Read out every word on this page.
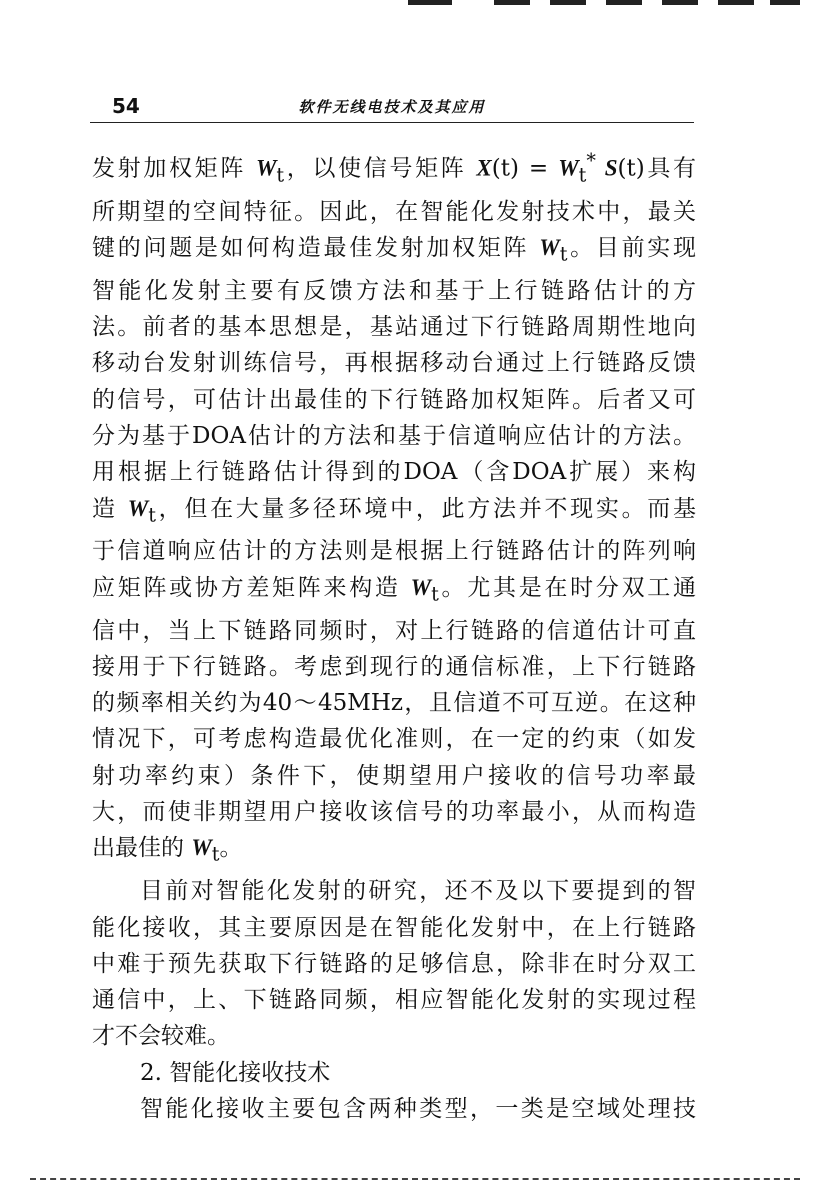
54	软件无线电技术及其应用
发射加权矩阵 $W_t$，以使信号矩阵 $X(t) = W_t^*$ S(t)具有
所期望的空间特征。因此，在智能化发射技术中，最关
键的问题是如何构造最佳发射加权矩阵 $W_t$。目前实现
智能化发射主要有反馈方法和基于上行链路估计的方
法。前者的基本思想是，基站通过下行链路周期性地向
移动台发射训练信号，再根据移动台通过上行链路反馈
的信号，可估计出最佳的下行链路加权矩阵。后者又可
分为基于DOA估计的方法和基于信道响应估计的方法。
用根据上行链路估计得到的DOA（含DOA扩展）来构
造 $W_t$，但在大量多径环境中，此方法并不现实。而基
于信道响应估计的方法则是根据上行链路估计的阵列响
应矩阵或协方差矩阵来构造 $W_t$。尤其是在时分双工通
信中，当上下链路同频时，对上行链路的信道估计可直
接用于下行链路。考虑到现行的通信标准，上下行链路
的频率相关约为40～45MHz，且信道不可互逆。在这种
情况下，可考虑构造最优化准则，在一定的约束（如发
射功率约束）条件下，使期望用户接收的信号功率最
大，而使非期望用户接收该信号的功率最小，从而构造
出最佳的 $W_t$。
目前对智能化发射的研究，还不及以下要提到的智
能化接收，其主要原因是在智能化发射中，在上行链路
中难于预先获取下行链路的足够信息，除非在时分双工
通信中，上、下链路同频，相应智能化发射的实现过程
才不会较难。
2. 智能化接收技术
智能化接收主要包含两种类型，一类是空域处理技
